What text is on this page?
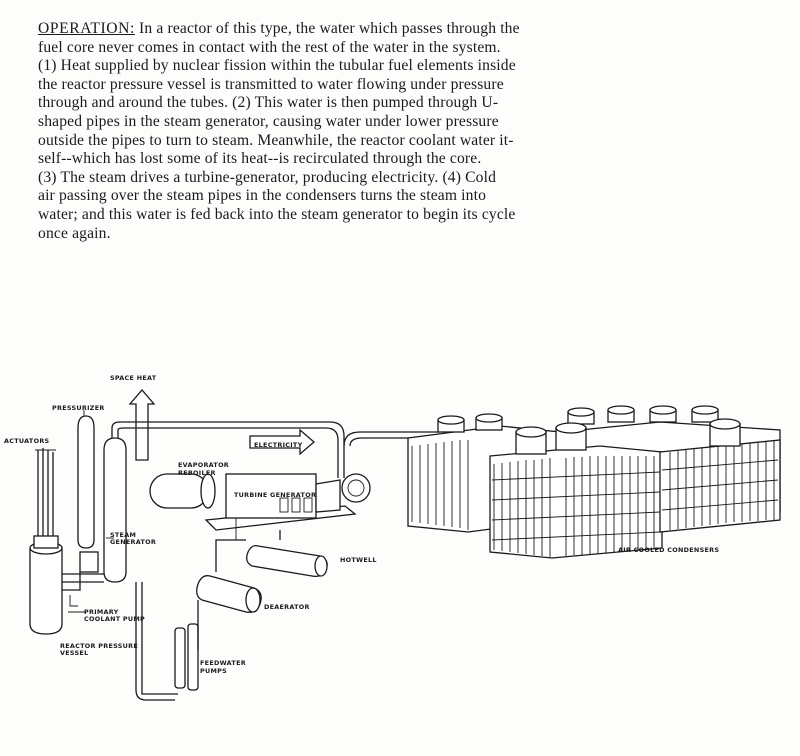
OPERATION: In a reactor of this type, the water which passes through the
fuel core never comes in contact with the rest of the water in the system.
(1) Heat supplied by nuclear fission within the tubular fuel elements inside
the reactor pressure vessel is transmitted to water flowing under pressure
through and around the tubes. (2) This water is then pumped through U-
shaped pipes in the steam generator, causing water under lower pressure
outside the pipes to turn to steam. Meanwhile, the reactor coolant water it-
self--which has lost some of its heat--is recirculated through the core.
(3) The steam drives a turbine-generator, producing electricity. (4) Cold
air passing over the steam pipes in the condensers turns the steam into
water; and this water is fed back into the steam generator to begin its cycle
once again.
SPACE HEAT
PRESSURIZER
ACTUATORS	ELECTRICITY
EVAPORATOR
REBOILER
TURBINE GENERATOR
STEAM
GENERATOR
HOTWELL
AIR COOLED CONDENSERS
PRIMARY
COOLANT PUMP
DEAERATOR
REACTOR PRESSURE
VESSEL
FEEDWATER
PUMPS
